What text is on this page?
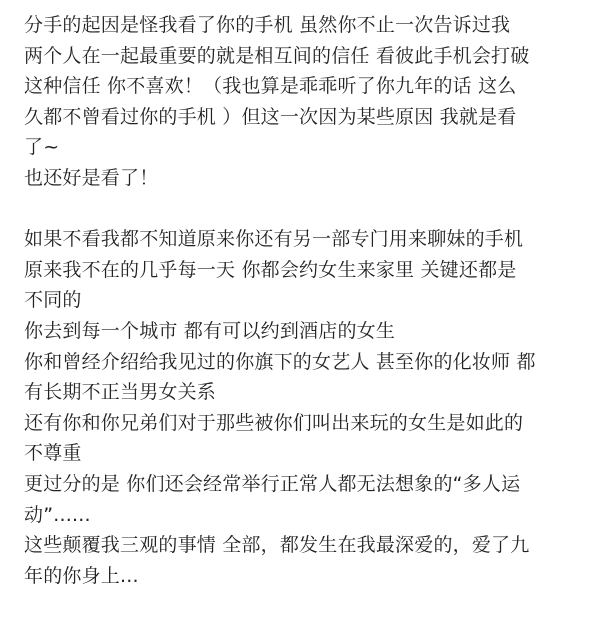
分手的起因是怪我看了你的手机 虽然你不止一次告诉过我
两个人在一起最重要的就是相互间的信任 看彼此手机会打破
这种信任 你不喜欢！（我也算是乖乖听了你九年的话 这么
久都不曾看过你的手机 ）但这一次因为某些原因 我就是看
了~
也还好是看了！
如果不看我都不知道原来你还有另一部专门用来聊妹的手机
原来我不在的几乎每一天 你都会约女生来家里 关键还都是
不同的
你去到每一个城市 都有可以约到酒店的女生
你和曾经介绍给我见过的你旗下的女艺人 甚至你的化妆师 都
有长期不正当男女关系
还有你和你兄弟们对于那些被你们叫出来玩的女生是如此的
不尊重
更过分的是 你们还会经常举行正常人都无法想象的“多人运
动”......
这些颠覆我三观的事情 全部，都发生在我最深爱的，爱了九
年的你身上...
